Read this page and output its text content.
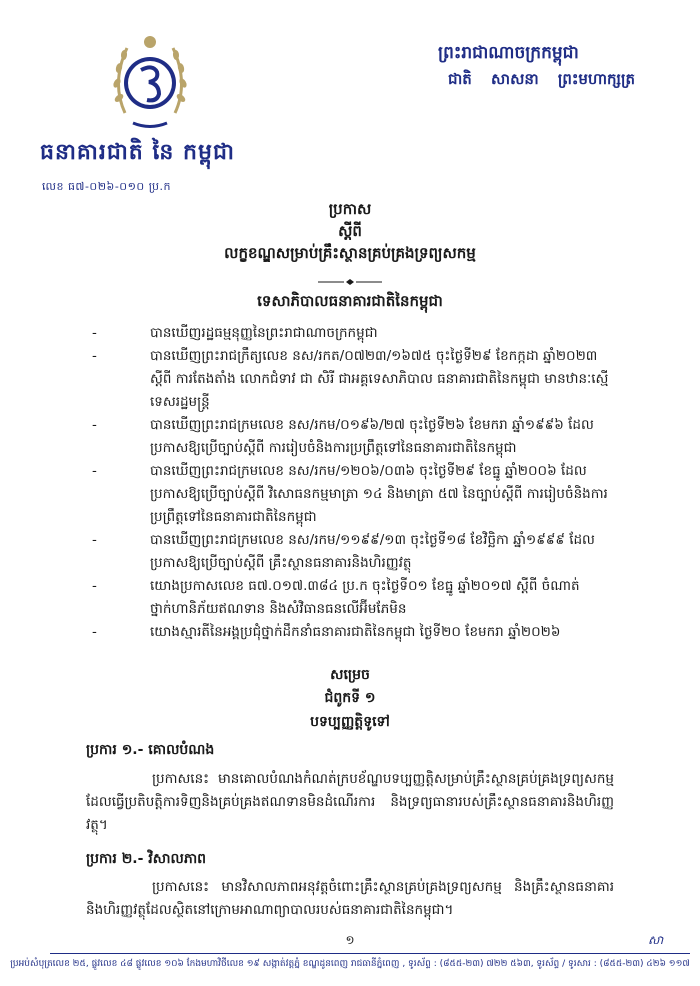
ធនាគារជាតិ នៃ កម្ពុជា
លេខ ធ៧-០២៦-០១០ ប្រ.ក
ព្រះរាជាណាចក្រកម្ពុជា
ជាតិ សាសនា ព្រះមហាក្សត្រ
ប្រកាស
ស្តីពី
លក្ខខណ្ឌសម្រាប់គ្រឹះស្ថានគ្រប់គ្រងទ្រព្យសកម្ម
ទេសាភិបាលធនាគារជាតិនៃកម្ពុជា
-	បានឃើញរដ្ឋធម្មនុញ្ញនៃព្រះរាជាណាចក្រកម្ពុជា
-	បានឃើញព្រះរាជក្រឹត្យលេខ នស/រកត/០៧២៣/១៦៧៥ ចុះថ្ងៃទី២៩ ខែកក្កដា ឆ្នាំ២០២៣ ស្តីពី ការតែងតាំង លោកជំទាវ ជា សិរី ជាអគ្គទេសាភិបាល ធនាគារជាតិនៃកម្ពុជា មានឋានៈស្មើទេសរដ្ឋមន្ត្រី
-	បានឃើញព្រះរាជក្រមលេខ នស/រកម/០១៩៦/២៧ ចុះថ្ងៃទី២៦ ខែមករា ឆ្នាំ១៩៩៦ ដែលប្រកាសឱ្យប្រើច្បាប់ស្តីពី ការរៀបចំនិងការប្រព្រឹត្តទៅនៃធនាគារជាតិនៃកម្ពុជា
-	បានឃើញព្រះរាជក្រមលេខ នស/រកម/១២០៦/០៣៦ ចុះថ្ងៃទី២៩ ខែធ្នូ ឆ្នាំ២០០៦ ដែលប្រកាសឱ្យប្រើច្បាប់ស្តីពី វិសោធនកម្មមាត្រា ១៤ និងមាត្រា ៥៧ នៃច្បាប់ស្តីពី ការរៀបចំនិងការប្រព្រឹត្តទៅនៃធនាគារជាតិនៃកម្ពុជា
-	បានឃើញព្រះរាជក្រមលេខ នស/រកម/១១៩៩/១៣ ចុះថ្ងៃទី១៨ ខែវិច្ឆិកា ឆ្នាំ១៩៩៩ ដែលប្រកាសឱ្យប្រើច្បាប់ស្តីពី គ្រឹះស្ថានធនាគារនិងហិរញ្ញវត្ថុ
-	យោងប្រកាសលេខ ធ៧.០១៧.៣៨៤ ប្រ.ក ចុះថ្ងៃទី០១ ខែធ្នូ ឆ្នាំ២០១៧ ស្តីពី ចំណាត់ថ្នាក់ហានិភ័យឥណទាន និងសំវិធានធនលើអ៊ីមភែមិន
-	យោងស្មារតីនៃអង្គប្រជុំថ្នាក់ដឹកនាំធនាគារជាតិនៃកម្ពុជា ថ្ងៃទី២០ ខែមករា ឆ្នាំ២០២៦
សម្រេច
ជំពូកទី ១
បទប្បញ្ញត្តិទូទៅ
ប្រការ ១.- គោលបំណង
ប្រកាសនេះ មានគោលបំណងកំណត់ក្របខ័ណ្ឌបទប្បញ្ញត្តិសម្រាប់គ្រឹះស្ថានគ្រប់គ្រងទ្រព្យសកម្ម ដែលធ្វើប្រតិបត្តិការទិញនិងគ្រប់គ្រងឥណទានមិនដំណើរការ និងទ្រព្យធានារបស់គ្រឹះស្ថានធនាគារនិងហិរញ្ញវត្ថុ។
ប្រការ ២.- វិសាលភាព
ប្រកាសនេះ មានវិសាលភាពអនុវត្តចំពោះគ្រឹះស្ថានគ្រប់គ្រងទ្រព្យសកម្ម និងគ្រឹះស្ថានធនាគារនិងហិរញ្ញវត្ថុដែលស្ថិតនៅក្រោមអាណាព្យាបាលរបស់ធនាគារជាតិនៃកម្ពុជា។
១	សា
ប្រអប់សំបុត្រលេខ ២៥, ផ្លូវលេខ ៤៨ ផ្លូវលេខ ១០៦ កែងមហាវិថីលេខ ១៩ សង្កាត់វត្តភ្នំ ខណ្ឌដូនពេញ រាជធានីភ្នំពេញ , ទូរស័ព្ទ : (៨៥៥-២៣) ៧២២ ៥៦៣, ទូរស័ព្ទ / ទូរសារ : (៨៥៥-២៣) ៤២៦ ១១៧
